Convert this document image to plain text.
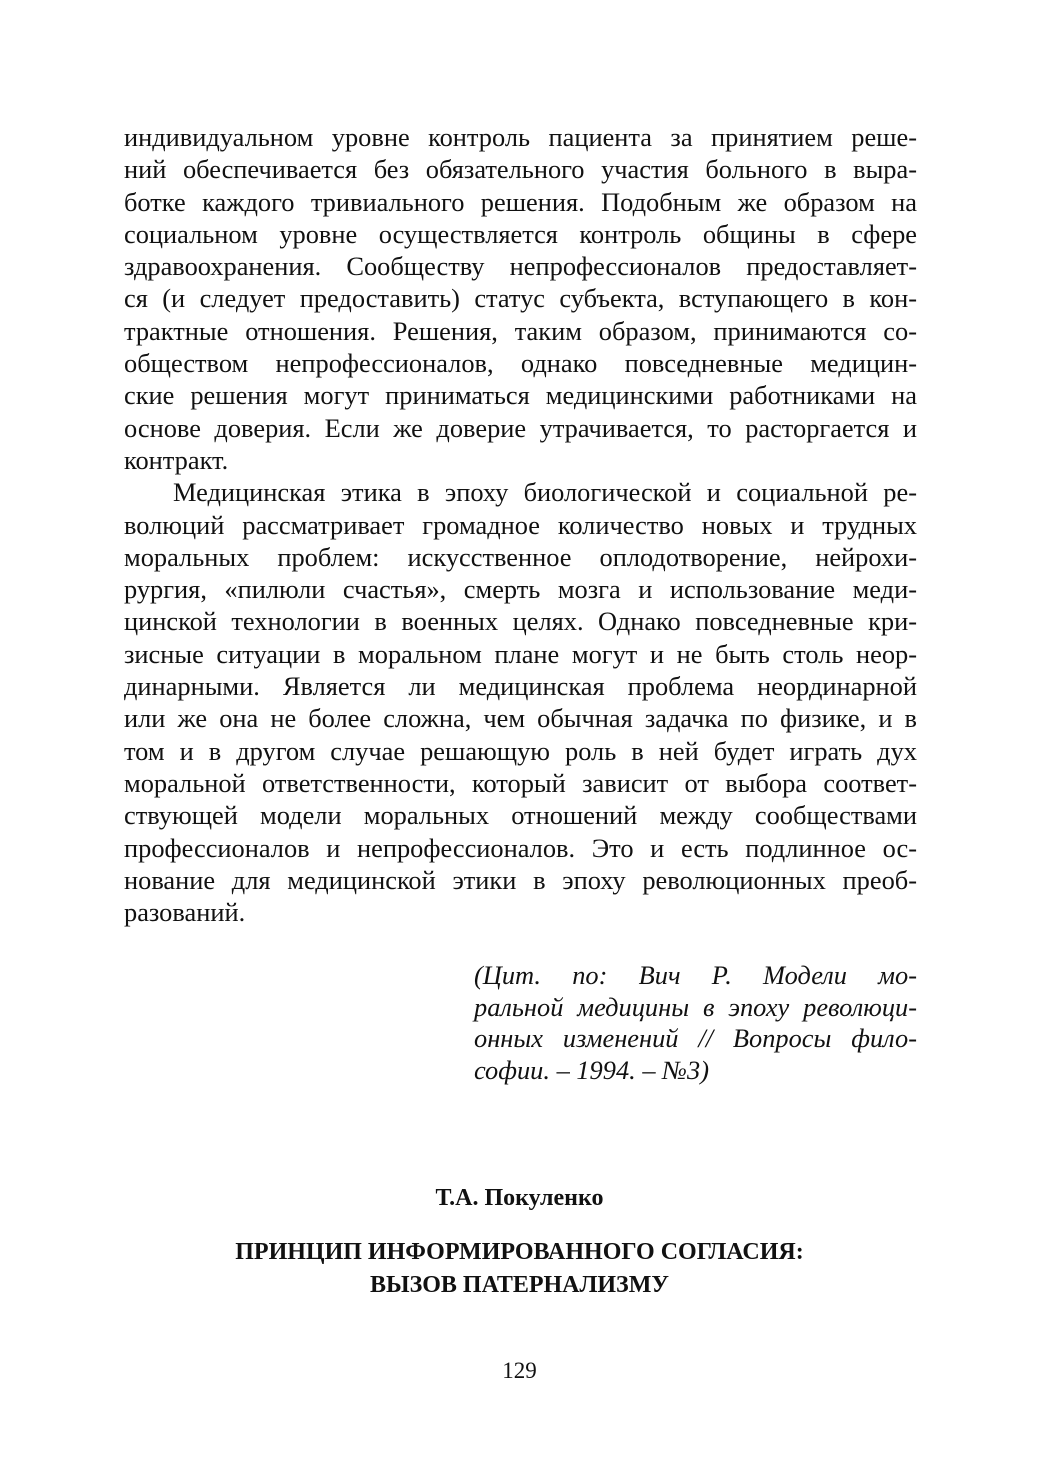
индивидуальном уровне контроль пациента за принятием реше-
ний обеспечивается без обязательного участия больного в выра-
ботке каждого тривиального решения. Подобным же образом на
социальном уровне осуществляется контроль общины в сфере
здравоохранения. Сообществу непрофессионалов предоставляет-
ся (и следует предоставить) статус субъекта, вступающего в кон-
трактные отношения. Решения, таким образом, принимаются со-
обществом непрофессионалов, однако повседневные медицин-
ские решения могут приниматься медицинскими работниками на
основе доверия. Если же доверие утрачивается, то расторгается и
контракт.
Медицинская этика в эпоху биологической и социальной ре-
волюций рассматривает громадное количество новых и трудных
моральных проблем: искусственное оплодотворение, нейрохи-
рургия, «пилюли счастья», смерть мозга и использование меди-
цинской технологии в военных целях. Однако повседневные кри-
зисные ситуации в моральном плане могут и не быть столь неор-
динарными. Является ли медицинская проблема неординарной
или же она не более сложна, чем обычная задачка по физике, и в
том и в другом случае решающую роль в ней будет играть дух
моральной ответственности, который зависит от выбора соответ-
ствующей модели моральных отношений между сообществами
профессионалов и непрофессионалов. Это и есть подлинное ос-
нование для медицинской этики в эпоху революционных преоб-
разований.
(Цит. по: Вич Р. Модели мо-
ральной медицины в эпоху революци-
онных изменений // Вопросы фило-
софии. – 1994. – №3)
Т.А. Покуленко
ПРИНЦИП ИНФОРМИРОВАННОГО СОГЛАСИЯ:
ВЫЗОВ ПАТЕРНАЛИЗМУ
129
